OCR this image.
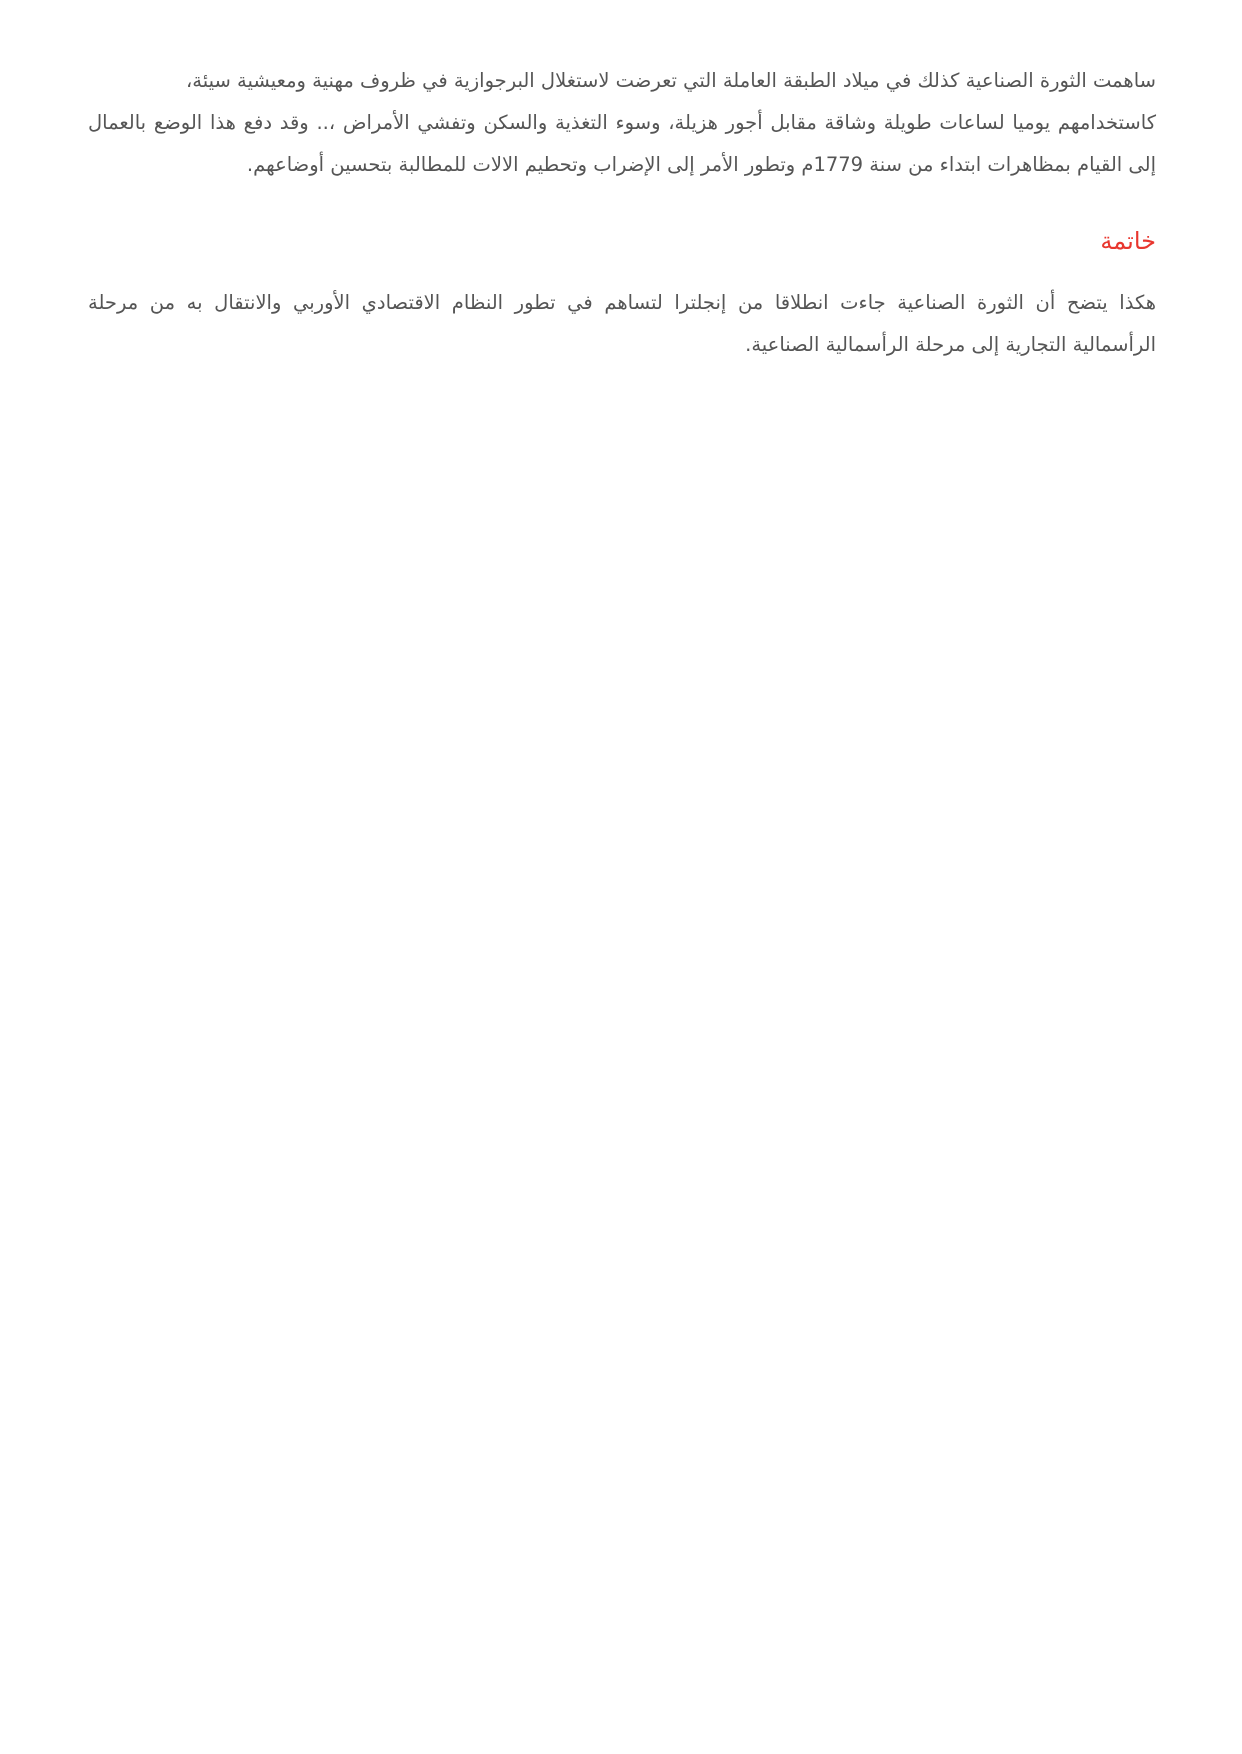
ساهمت الثورة الصناعية كذلك في ميلاد الطبقة العاملة التي تعرضت لاستغلال البرجوازية في ظروف مهنية ومعيشية سيئة،
كاستخدامهم يوميا لساعات طويلة وشاقة مقابل أجور هزيلة، وسوء التغذية والسكن وتفشي الأمراض ،.. وقد دفع هذا الوضع بالعمال
إلى القيام بمظاهرات ابتداء من سنة 1779م وتطور الأمر إلى الإضراب وتحطيم الالات للمطالبة بتحسين أوضاعهم.
خاتمة
هكذا يتضح أن الثورة الصناعية جاءت انطلاقا من إنجلترا لتساهم في تطور النظام الاقتصادي الأوربي والانتقال به من مرحلة
الرأسمالية التجارية إلى مرحلة الرأسمالية الصناعية.
